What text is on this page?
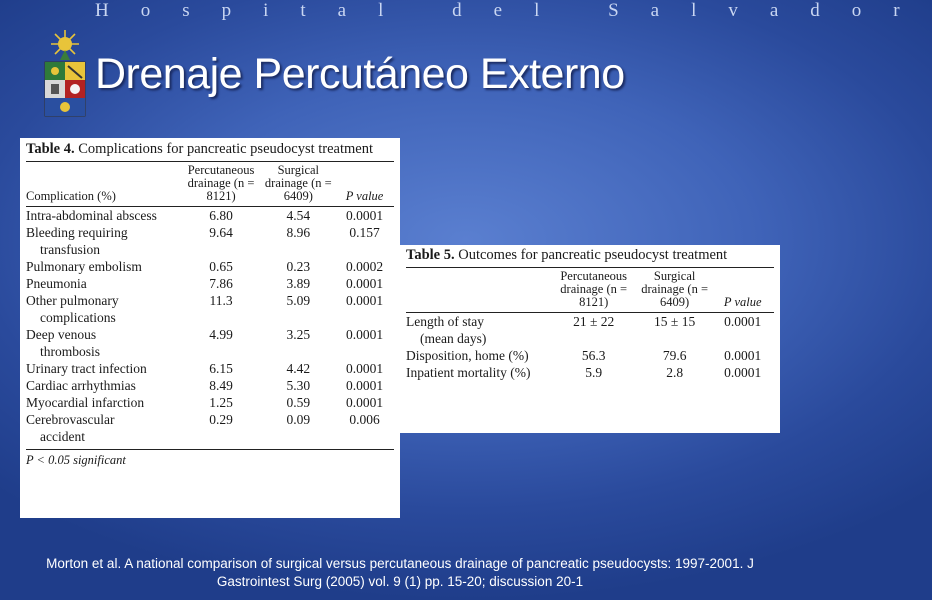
Hospital del Salvador
Drenaje Percutáneo Externo
Table 4. Complications for pancreatic pseudocyst treatment
Complication (%)	Percutaneous drainage (n = 8121)	Surgical drainage (n = 6409)	P value
Intra-abdominal abscess	6.80	4.54	0.0001
Bleeding requiring
transfusion	9.64	8.96	0.157
Pulmonary embolism	0.65	0.23	0.0002
Pneumonia	7.86	3.89	0.0001
Other pulmonary
complications	11.3	5.09	0.0001
Deep venous
thrombosis	4.99	3.25	0.0001
Urinary tract infection	6.15	4.42	0.0001
Cardiac arrhythmias	8.49	5.30	0.0001
Myocardial infarction	1.25	0.59	0.0001
Cerebrovascular
accident	0.29	0.09	0.006
P < 0.05 significant
Table 5. Outcomes for pancreatic pseudocyst treatment
	Percutaneous drainage (n = 8121)	Surgical drainage (n = 6409)	P value
Length of stay
(mean days)	21 ± 22	15 ± 15	0.0001
Disposition, home (%)	56.3	79.6	0.0001
Inpatient mortality (%)	5.9	2.8	0.0001
Morton et al. A national comparison of surgical versus percutaneous drainage of pancreatic pseudocysts: 1997-2001. J Gastrointest Surg (2005) vol. 9 (1) pp. 15-20; discussion 20-1
